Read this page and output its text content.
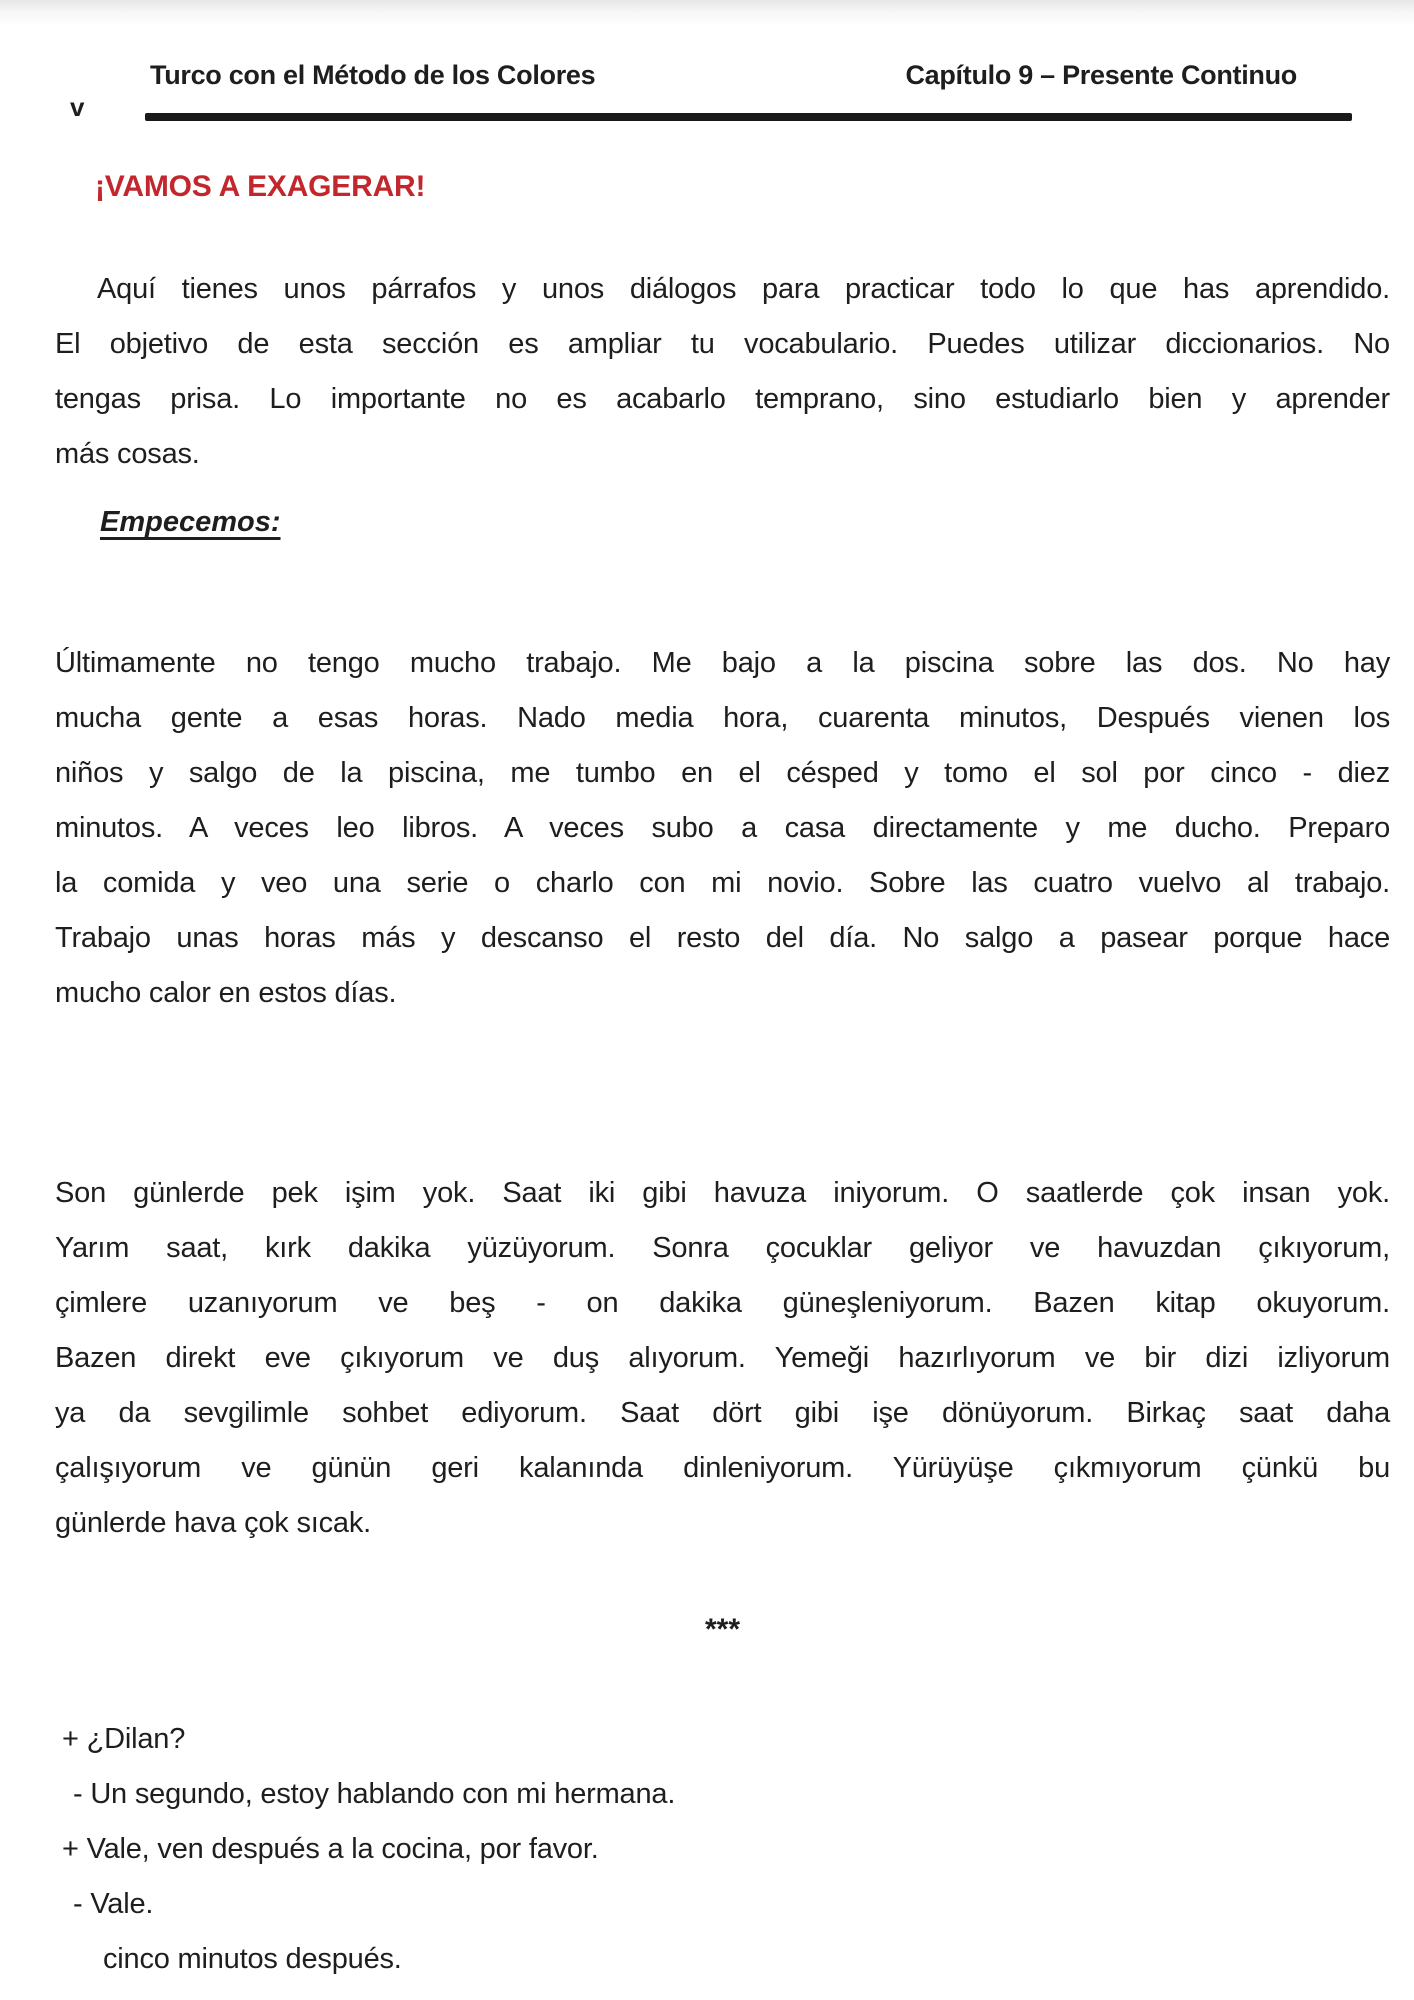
Turco con el Método de los Colores	Capítulo 9 – Presente Continuo
v
¡VAMOS A EXAGERAR!
Aquí tienes unos párrafos y unos diálogos para practicar todo lo que has aprendido.
El objetivo de esta sección es ampliar tu vocabulario. Puedes utilizar diccionarios. No
tengas prisa. Lo importante no es acabarlo temprano, sino estudiarlo bien y aprender
más cosas.
Empecemos:
Últimamente no tengo mucho trabajo. Me bajo a la piscina sobre las dos. No hay
mucha gente a esas horas. Nado media hora, cuarenta minutos, Después vienen los
niños y salgo de la piscina, me tumbo en el césped y tomo el sol por cinco - diez
minutos. A veces leo libros. A veces subo a casa directamente y me ducho. Preparo
la comida y veo una serie o charlo con mi novio. Sobre las cuatro vuelvo al trabajo.
Trabajo unas horas más y descanso el resto del día. No salgo a pasear porque hace
mucho calor en estos días.
Son günlerde pek işim yok. Saat iki gibi havuza iniyorum. O saatlerde çok insan yok.
Yarım saat, kırk dakika yüzüyorum. Sonra çocuklar geliyor ve havuzdan çıkıyorum,
çimlere uzanıyorum ve beş - on dakika güneşleniyorum. Bazen kitap okuyorum.
Bazen direkt eve çıkıyorum ve duş alıyorum. Yemeği hazırlıyorum ve bir dizi izliyorum
ya da sevgilimle sohbet ediyorum. Saat dört gibi işe dönüyorum. Birkaç saat daha
çalışıyorum ve günün geri kalanında dinleniyorum. Yürüyüşe çıkmıyorum çünkü bu
günlerde hava çok sıcak.
***
+ ¿Dilan?
- Un segundo, estoy hablando con mi hermana.
+ Vale, ven después a la cocina, por favor.
- Vale.
cinco minutos después.
